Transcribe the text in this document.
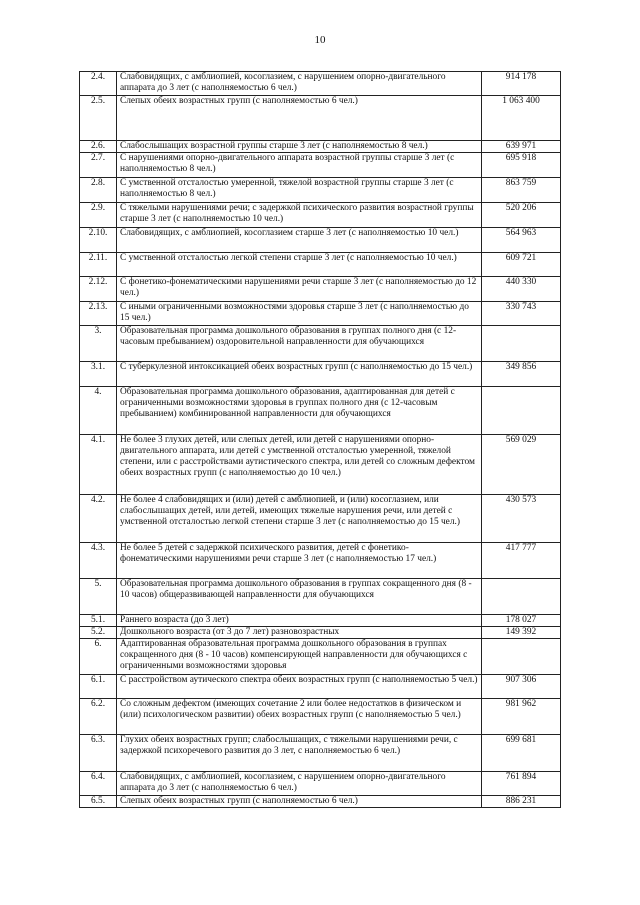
10
2.4.	Слабовидящих, с амблиопией, косоглазием, с нарушением опорно-двигательного аппарата до 3 лет (с наполняемостью 6 чел.)	914 178
2.5.	Слепых обеих возрастных групп (с наполняемостью 6 чел.)	1 063 400
2.6.	Слабослышащих возрастной группы старше 3 лет (с наполняемостью 8 чел.)	639 971
2.7.	С нарушениями опорно-двигательного аппарата возрастной группы старше 3 лет (с наполняемостью 8 чел.)	695 918
2.8.	С умственной отсталостью умеренной, тяжелой возрастной группы старше 3 лет (с наполняемостью 8 чел.)	863 759
2.9.	С тяжелыми нарушениями речи; с задержкой психического развития возрастной группы старше 3 лет (с наполняемостью 10 чел.)	520 206
2.10.	Слабовидящих, с амблиопией, косоглазием старше 3 лет (с наполняемостью 10 чел.)	564 963
2.11.	С умственной отсталостью легкой степени старше 3 лет (с наполняемостью 10 чел.)	609 721
2.12.	С фонетико-фонематическими нарушениями речи старше 3 лет (с наполняемостью до 12 чел.)	440 330
2.13.	С иными ограниченными возможностями здоровья старше 3 лет (с наполняемостью до 15 чел.)	330 743
3.	Образовательная программа дошкольного образования в группах полного дня (с 12-часовым пребыванием) оздоровительной направленности для обучающихся	
3.1.	С туберкулезной интоксикацией обеих возрастных групп (с наполняемостью до 15 чел.)	349 856
4.	Образовательная программа дошкольного образования, адаптированная для детей с ограниченными возможностями здоровья в группах полного дня (с 12-часовым пребыванием) комбинированной направленности для обучающихся	
4.1.	Не более 3 глухих детей, или слепых детей, или детей с нарушениями опорно-двигательного аппарата, или детей с умственной отсталостью умеренной, тяжелой степени, или с расстройствами аутистического спектра, или детей со сложным дефектом обеих возрастных групп (с наполняемостью до 10 чел.)	569 029
4.2.	Не более 4 слабовидящих и (или) детей с амблиопией, и (или) косоглазием, или слабослышащих детей, или детей, имеющих тяжелые нарушения речи, или детей с умственной отсталостью легкой степени старше 3 лет (с наполняемостью до 15 чел.)	430 573
4.3.	Не более 5 детей с задержкой психического развития, детей с фонетико-фонематическими нарушениями речи старше 3 лет (с наполняемостью 17 чел.)	417 777
5.	Образовательная программа дошкольного образования в группах сокращенного дня (8 - 10 часов) общеразвивающей направленности для обучающихся	
5.1.	Раннего возраста (до 3 лет)	178 027
5.2.	Дошкольного возраста (от 3 до 7 лет) разновозрастных	149 392
6.	Адаптированная образовательная программа дошкольного образования в группах сокращенного дня (8 - 10 часов) компенсирующей направленности для обучающихся с ограниченными возможностями здоровья	
6.1.	С расстройством аутического спектра обеих возрастных групп (с наполняемостью 5 чел.)	907 306
6.2.	Со сложным дефектом (имеющих сочетание 2 или более недостатков в физическом и (или) психологическом развитии) обеих возрастных групп (с наполняемостью 5 чел.)	981 962
6.3.	Глухих обеих возрастных групп; слабослышащих, с тяжелыми нарушениями речи, с задержкой психоречевого развития до 3 лет, с наполняемостью 6 чел.)	699 681
6.4.	Слабовидящих, с амблиопией, косоглазием, с нарушением опорно-двигательного аппарата до 3 лет (с наполняемостью 6 чел.)	761 894
6.5.	Слепых обеих возрастных групп (с наполняемостью 6 чел.)	886 231
